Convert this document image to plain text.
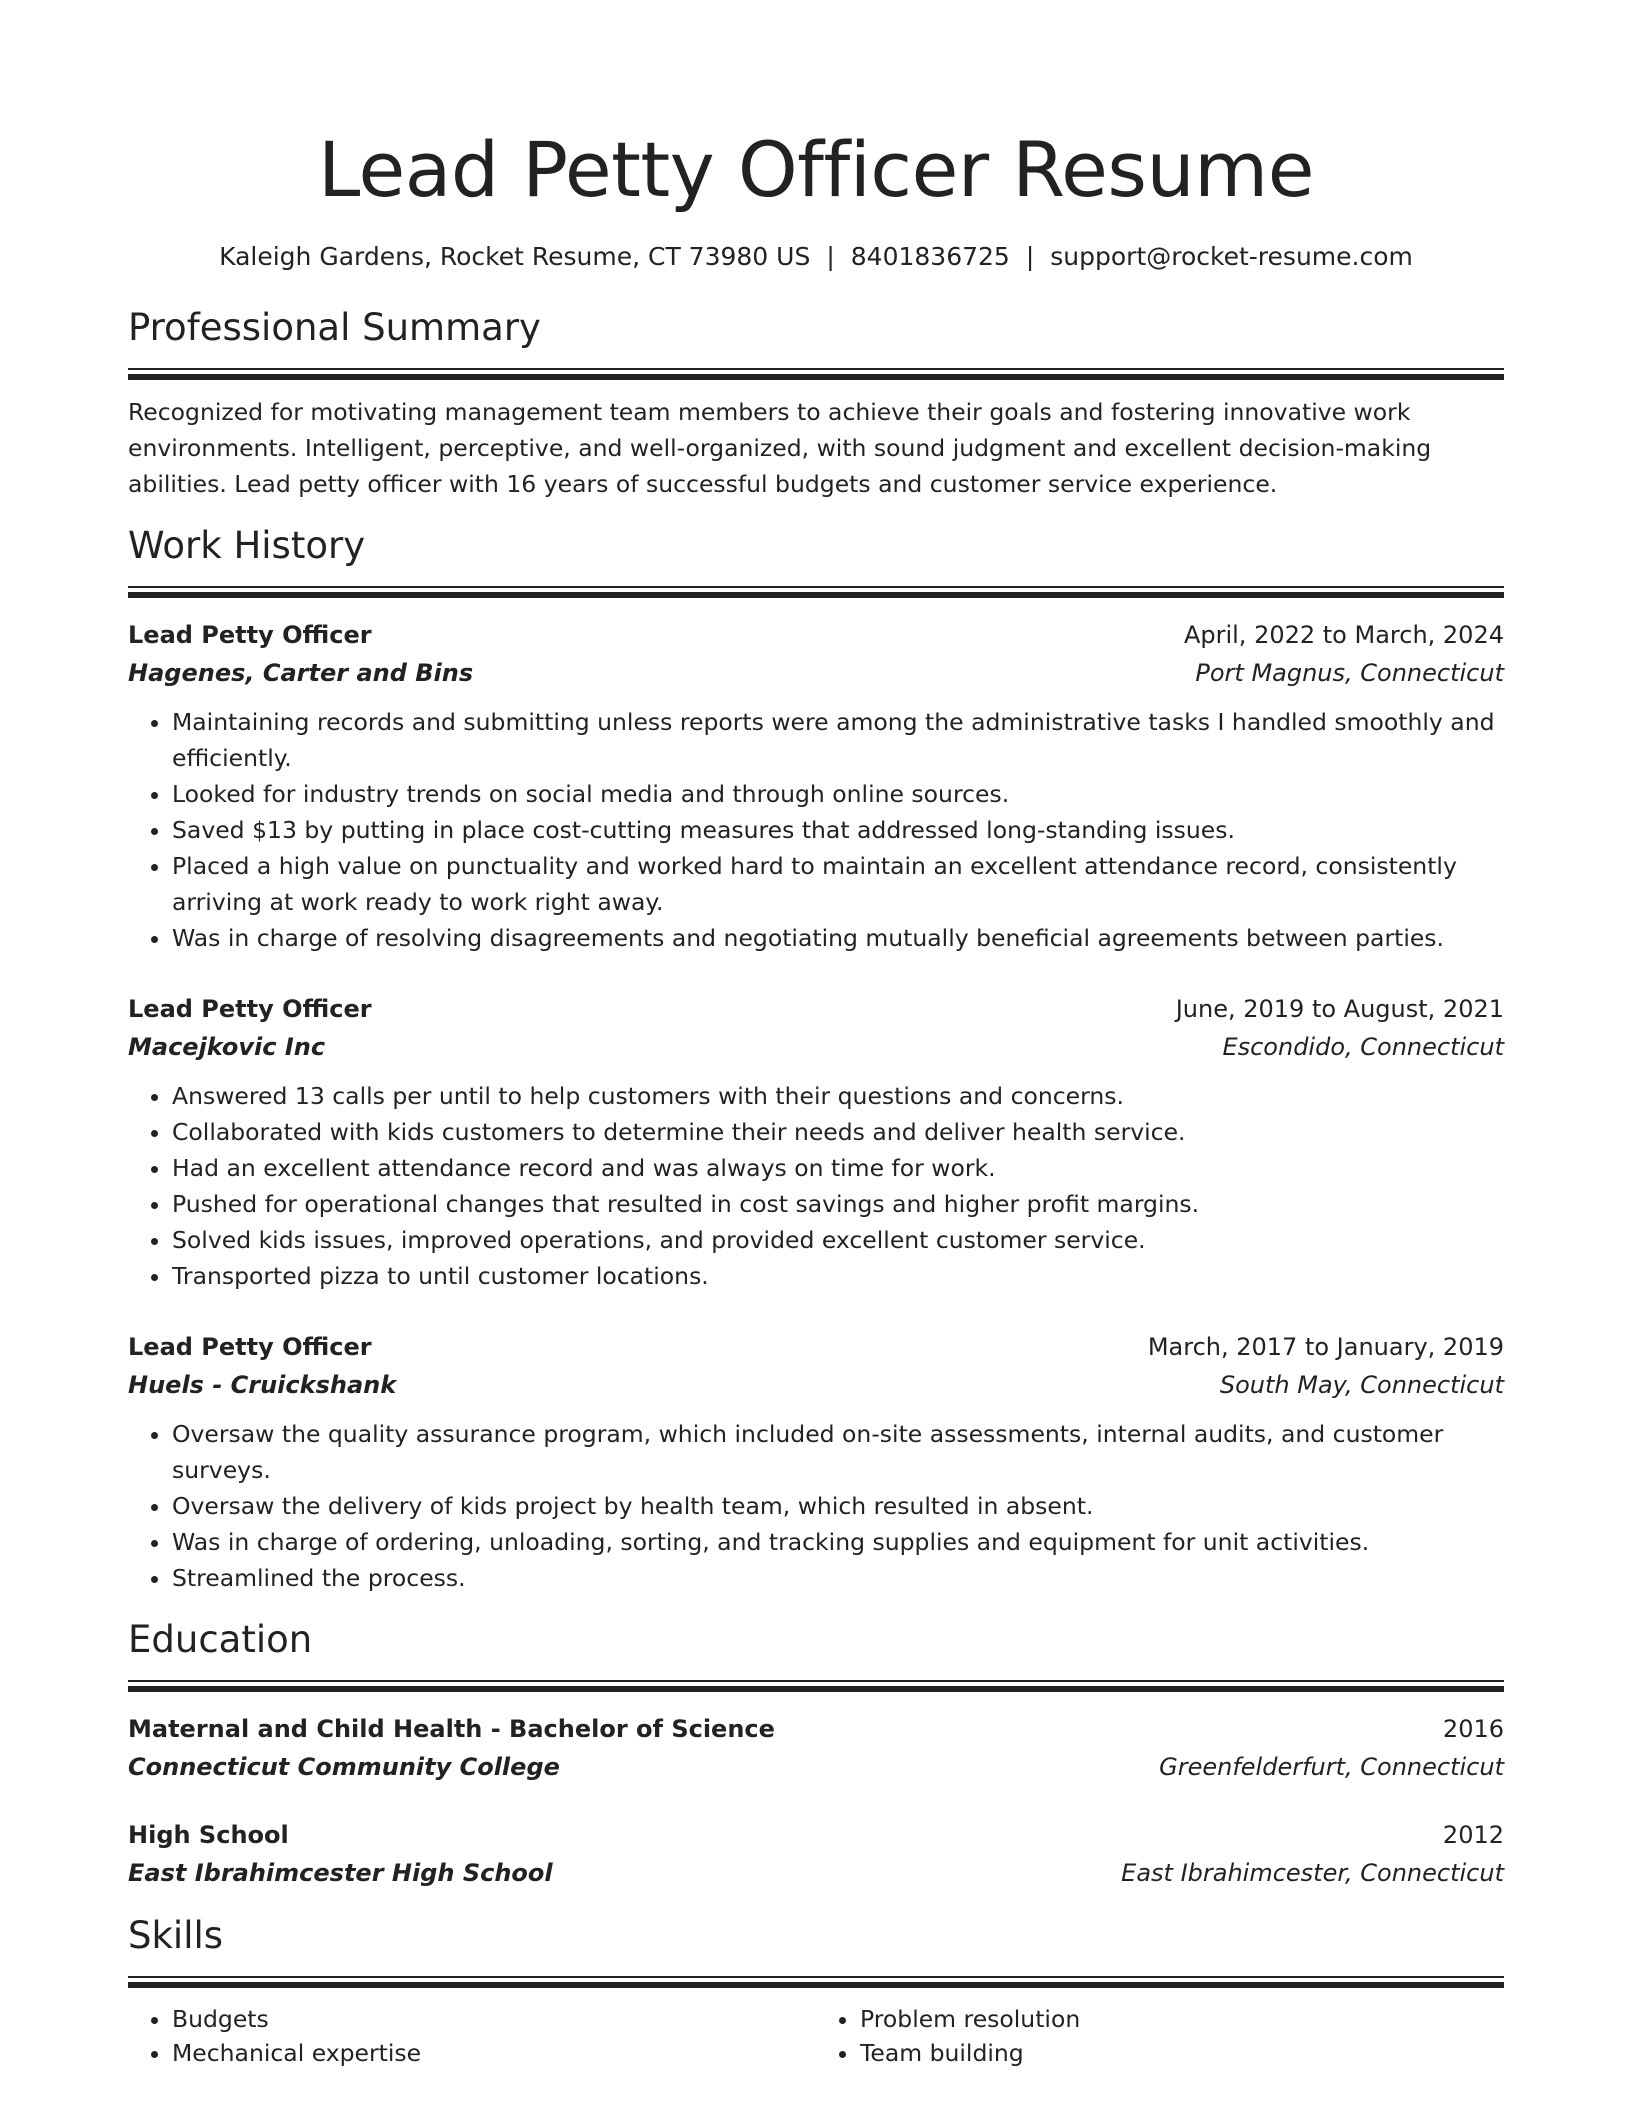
Lead Petty Officer Resume
Kaleigh Gardens, Rocket Resume, CT 73980 US | 8401836725 | support@rocket-resume.com
Professional Summary

Recognized for motivating management team members to achieve their goals and fostering innovative work environments. Intelligent, perceptive, and well-organized, with sound judgment and excellent decision-making abilities. Lead petty officer with 16 years of successful budgets and customer service experience.

Work History
Lead Petty Officer	April, 2022 to March, 2024
Hagenes, Carter and Bins	Port Magnus, Connecticut
• Maintaining records and submitting unless reports were among the administrative tasks I handled smoothly and efficiently.
• Looked for industry trends on social media and through online sources.
• Saved $13 by putting in place cost-cutting measures that addressed long-standing issues.
• Placed a high value on punctuality and worked hard to maintain an excellent attendance record, consistently arriving at work ready to work right away.
• Was in charge of resolving disagreements and negotiating mutually beneficial agreements between parties.
Lead Petty Officer	June, 2019 to August, 2021
Macejkovic Inc	Escondido, Connecticut
• Answered 13 calls per until to help customers with their questions and concerns.
• Collaborated with kids customers to determine their needs and deliver health service.
• Had an excellent attendance record and was always on time for work.
• Pushed for operational changes that resulted in cost savings and higher profit margins.
• Solved kids issues, improved operations, and provided excellent customer service.
• Transported pizza to until customer locations.
Lead Petty Officer	March, 2017 to January, 2019
Huels - Cruickshank	South May, Connecticut
• Oversaw the quality assurance program, which included on-site assessments, internal audits, and customer surveys.
• Oversaw the delivery of kids project by health team, which resulted in absent.
• Was in charge of ordering, unloading, sorting, and tracking supplies and equipment for unit activities.
• Streamlined the process.
Education
Maternal and Child Health - Bachelor of Science	2016
Connecticut Community College	Greenfelderfurt, Connecticut
High School	2012
East Ibrahimcester High School	East Ibrahimcester, Connecticut
Skills
• Budgets
• Mechanical expertise
• Problem resolution
• Team building
